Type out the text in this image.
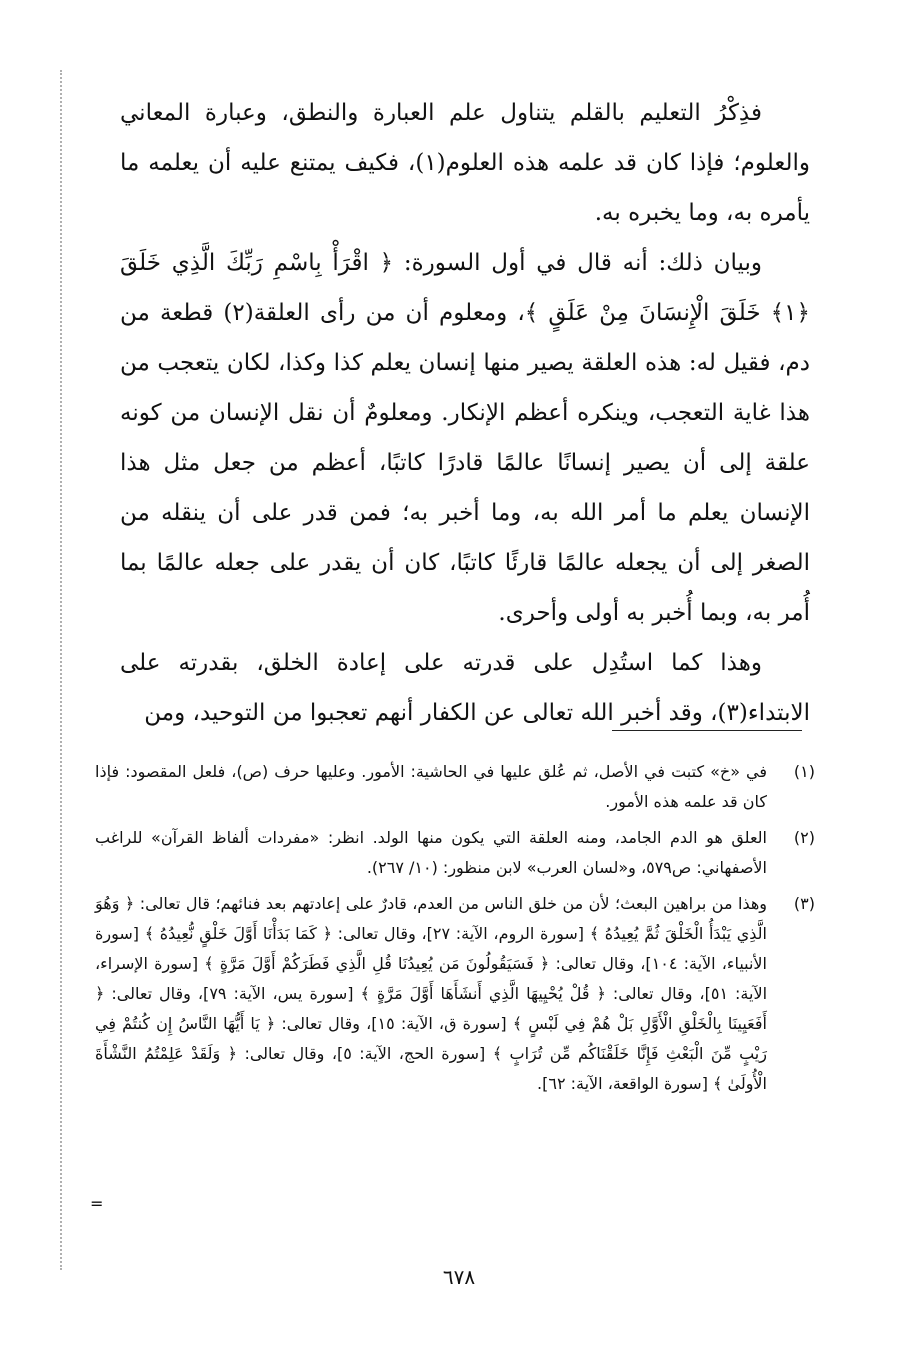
فذِكْرُ التعليم بالقلم يتناول علم العبارة والنطق، وعبارة المعاني والعلوم؛ فإذا كان قد علمه هذه العلوم(١)، فكيف يمتنع عليه أن يعلمه ما يأمره به، وما يخبره به.

وبيان ذلك: أنه قال في أول السورة: ﴿ اقْرَأْ بِاسْمِ رَبِّكَ الَّذِي خَلَقَ ﴿١﴾ خَلَقَ الْإِنسَانَ مِنْ عَلَقٍ ﴾، ومعلوم أن من رأى العلقة(٢) قطعة من دم، فقيل له: هذه العلقة يصير منها إنسان يعلم كذا وكذا، لكان يتعجب من هذا غاية التعجب، وينكره أعظم الإنكار. ومعلومٌ أن نقل الإنسان من كونه علقة إلى أن يصير إنسانًا عالمًا قادرًا كاتبًا، أعظم من جعل مثل هذا الإنسان يعلم ما أمر الله به، وما أخبر به؛ فمن قدر على أن ينقله من الصغر إلى أن يجعله عالمًا قارئًا كاتبًا، كان أن يقدر على جعله عالمًا بما أُمر به، وبما أُخبر به أولى وأحرى.

وهذا كما استُدِل على قدرته على إعادة الخلق، بقدرته على الابتداء(٣)، وقد أخبر الله تعالى عن الكفار أنهم تعجبوا من التوحيد، ومن

(١)
في «خ» كتبت في الأصل، ثم عُلق عليها في الحاشية: الأمور. وعليها حرف (ص)، فلعل المقصود: فإذا كان قد علمه هذه الأمور.
(٢)
العلق هو الدم الجامد، ومنه العلقة التي يكون منها الولد. انظر: «مفردات ألفاظ القرآن» للراغب الأصفهاني: ص٥٧٩، و«لسان العرب» لابن منظور: (١٠/ ٢٦٧).
(٣)
وهذا من براهين البعث؛ لأن من خلق الناس من العدم، قادرٌ على إعادتهم بعد فنائهم؛ قال تعالى: ﴿ وَهُوَ الَّذِي يَبْدَأُ الْخَلْقَ ثُمَّ يُعِيدُهُ ﴾ [سورة الروم، الآية: ٢٧]، وقال تعالى: ﴿ كَمَا بَدَأْنَا أَوَّلَ خَلْقٍ نُّعِيدُهُ ﴾ [سورة الأنبياء، الآية: ١٠٤]، وقال تعالى: ﴿ فَسَيَقُولُونَ مَن يُعِيدُنَا قُلِ الَّذِي فَطَرَكُمْ أَوَّلَ مَرَّةٍ ﴾ [سورة الإسراء، الآية: ٥١]، وقال تعالى: ﴿ قُلْ يُحْيِيهَا الَّذِي أَنشَأَهَا أَوَّلَ مَرَّةٍ ﴾ [سورة يس، الآية: ٧٩]، وقال تعالى: ﴿ أَفَعَيِينَا بِالْخَلْقِ الْأَوَّلِ بَلْ هُمْ فِي لَبْسٍ ﴾ [سورة ق، الآية: ١٥]، وقال تعالى: ﴿ يَا أَيُّهَا النَّاسُ إِن كُنتُمْ فِي رَيْبٍ مِّنَ الْبَعْثِ فَإِنَّا خَلَقْنَاكُم مِّن تُرَابٍ ﴾ [سورة الحج، الآية: ٥]، وقال تعالى: ﴿ وَلَقَدْ عَلِمْتُمُ النَّشْأَةَ الْأُولَىٰ ﴾ [سورة الواقعة، الآية: ٦٢].
=
٦٧٨
